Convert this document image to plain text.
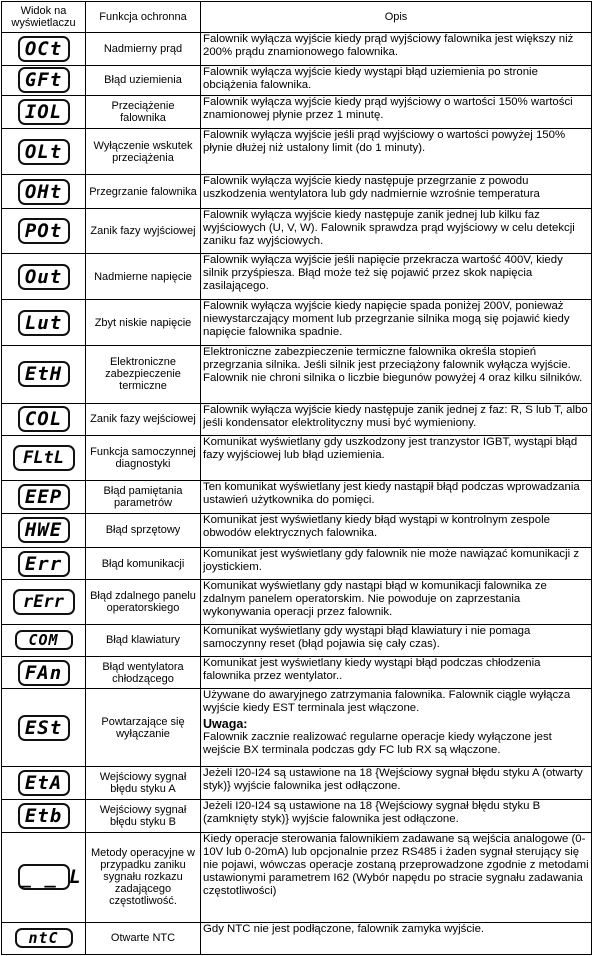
Widok na wyświetlaczu	Funkcja ochronna	Opis
OCt	Nadmierny prąd	Falownik wyłącza wyjście kiedy prąd wyjściowy falownika jest większy niż 200% prądu znamionowego falownika.
GFt	Błąd uziemienia	Falownik wyłącza wyjście kiedy wystąpi błąd uziemienia po stronie obciążenia falownika.
IOL	Przeciążenie falownika	Falownik wyłącza wyjście kiedy prąd wyjściowy o wartości 150% wartości znamionowej płynie przez 1 minutę.
OLt	Wyłączenie wskutek przeciążenia	Falownik wyłącza wyjście jeśli prąd wyjściowy o wartości powyżej 150% płynie dłużej niż ustalony limit (do 1 minuty).
OHt	Przegrzanie falownika	Falownik wyłącza wyjście kiedy następuje przegrzanie z powodu uszkodzenia wentylatora lub gdy nadmiernie wzrośnie temperatura
POt	Zanik fazy wyjściowej	Falownik wyłącza wyjście kiedy następuje zanik jednej lub kilku faz wyjściowych (U, V, W). Falownik sprawdza prąd wyjściowy w celu detekcji zaniku faz wyjściowych.
Out	Nadmierne napięcie	Falownik wyłącza wyjście jeśli napięcie przekracza wartość 400V, kiedy silnik przyśpiesza. Błąd może też się pojawić przez skok napięcia zasilającego.
Lut	Zbyt niskie napięcie	Falownik wyłącza wyjście kiedy napięcie spada poniżej 200V, ponieważ niewystarczający moment lub przegrzanie silnika mogą się pojawić kiedy napięcie falownika spadnie.
EtH	Elektroniczne zabezpieczenie termiczne	Elektroniczne zabezpieczenie termiczne falownika określa stopień przegrzania silnika. Jeśli silnik jest przeciążony falownik wyłącza wyjście. Falownik nie chroni silnika o liczbie biegunów powyżej 4 oraz kilku silników.
COL	Zanik fazy wejściowej	Falownik wyłącza wyjście kiedy następuje zanik jednej z faz: R, S lub T, albo jeśli kondensator elektrolityczny musi być wymieniony.
FLtL	Funkcja samoczynnej diagnostyki	Komunikat wyświetlany gdy uszkodzony jest tranzystor IGBT, wystąpi błąd fazy wyjściowej lub błąd uziemienia.
EEP	Błąd pamiętania parametrów	Ten komunikat wyświetlany jest kiedy nastąpił błąd podczas wprowadzania ustawień użytkownika do pomięci.
HWE	Błąd sprzętowy	Komunikat jest wyświetlany kiedy błąd wystąpi w kontrolnym zespole obwodów elektrycznych falownika.
Err	Błąd komunikacji	Komunikat jest wyświetlany gdy falownik nie może nawiązać komunikacji z joystickiem.
rErr	Błąd zdalnego panelu operatorskiego	Komunikat wyświetlany gdy nastąpi błąd w komunikacji falownika ze zdalnym panelem operatorskim. Nie powoduje on zaprzestania wykonywania operacji przez falownik.
COM	Błąd klawiatury	Komunikat wyświetlany gdy wystąpi błąd klawiatury i nie pomaga samoczynny reset (błąd pojawia się cały czas).
FAn	Błąd wentylatora chłodzącego	Komunikat jest wyświetlany kiedy wystąpi błąd podczas chłodzenia falownika przez wentylator..
ESt	Powtarzające się wyłączanie	Używane do awaryjnego zatrzymania falownika. Falownik ciągle wyłącza wyjście kiedy EST terminala jest włączone.
Uwaga:
Falownik zacznie realizować regularne operacje kiedy wyłączone jest wejście BX terminala podczas gdy FC lub RX są włączone.
EtA	Wejściowy sygnał błędu styku A	Jeżeli I20-I24 są ustawione na 18 {Wejściowy sygnał błędu styku A (otwarty styk)} wyjście falownika jest odłączone.
Etb	Wejściowy sygnał błędu styku B	Jeżeli I20-I24 są ustawione na 18 {Wejściowy sygnał błędu styku B (zamknięty styk)} wyjście falownika jest odłączone.
_ _ L	Metody operacyjne w przypadku zaniku sygnału rozkazu zadającego częstotliwość.	Kiedy operacje sterowania falownikiem zadawane są wejścia analogowe (0-10V lub 0-20mA) lub opcjonalnie przez RS485 i żaden sygnał sterujący się nie pojawi, wówczas operacje zostaną przeprowadzone zgodnie z metodami ustawionymi parametrem I62 (Wybór napędu po stracie sygnału zadawania częstotliwości)
ntC	Otwarte NTC	Gdy NTC nie jest podłączone, falownik zamyka wyjście.
